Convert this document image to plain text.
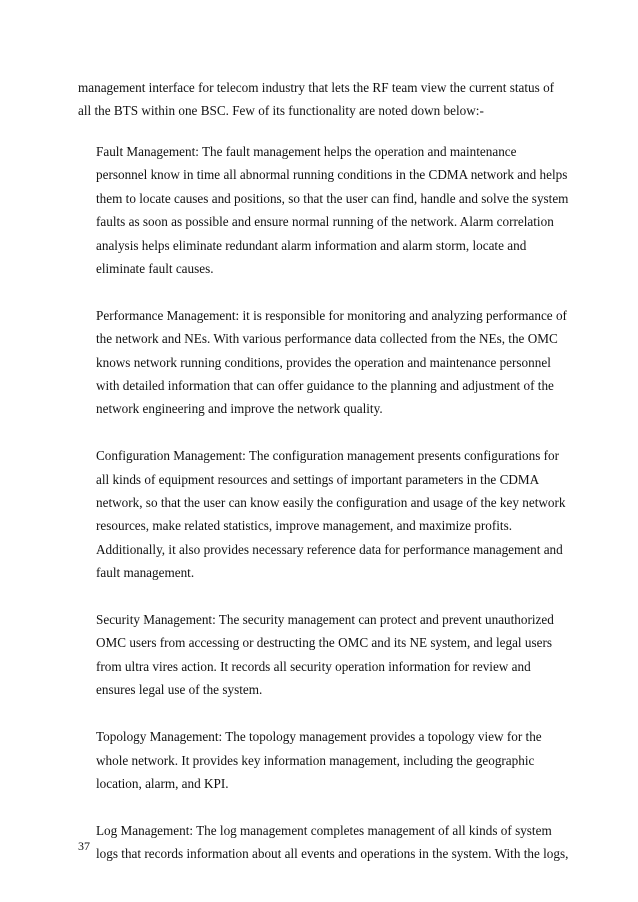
management interface for telecom industry that lets the RF team view the current status of all the BTS within one BSC. Few of its functionality are noted down below:-

Fault Management: The fault management helps the operation and maintenance personnel know in time all abnormal running conditions in the CDMA network and helps them to locate causes and positions, so that the user can find, handle and solve the system faults as soon as possible and ensure normal running of the network. Alarm correlation analysis helps eliminate redundant alarm information and alarm storm, locate and eliminate fault causes.
Performance Management: it is responsible for monitoring and analyzing performance of the network and NEs. With various performance data collected from the NEs, the OMC knows network running conditions, provides the operation and maintenance personnel with detailed information that can offer guidance to the planning and adjustment of the network engineering and improve the network quality.
Configuration Management: The configuration management presents configurations for all kinds of equipment resources and settings of important parameters in the CDMA network, so that the user can know easily the configuration and usage of the key network resources, make related statistics, improve management, and maximize profits. Additionally, it also provides necessary reference data for performance management and fault management.
Security Management: The security management can protect and prevent unauthorized OMC users from accessing or destructing the OMC and its NE system, and legal users from ultra vires action. It records all security operation information for review and ensures legal use of the system.
Topology Management: The topology management provides a topology view for the whole network. It provides key information management, including the geographic location, alarm, and KPI.
Log Management: The log management completes management of all kinds of system logs that records information about all events and operations in the system. With the logs,
37
